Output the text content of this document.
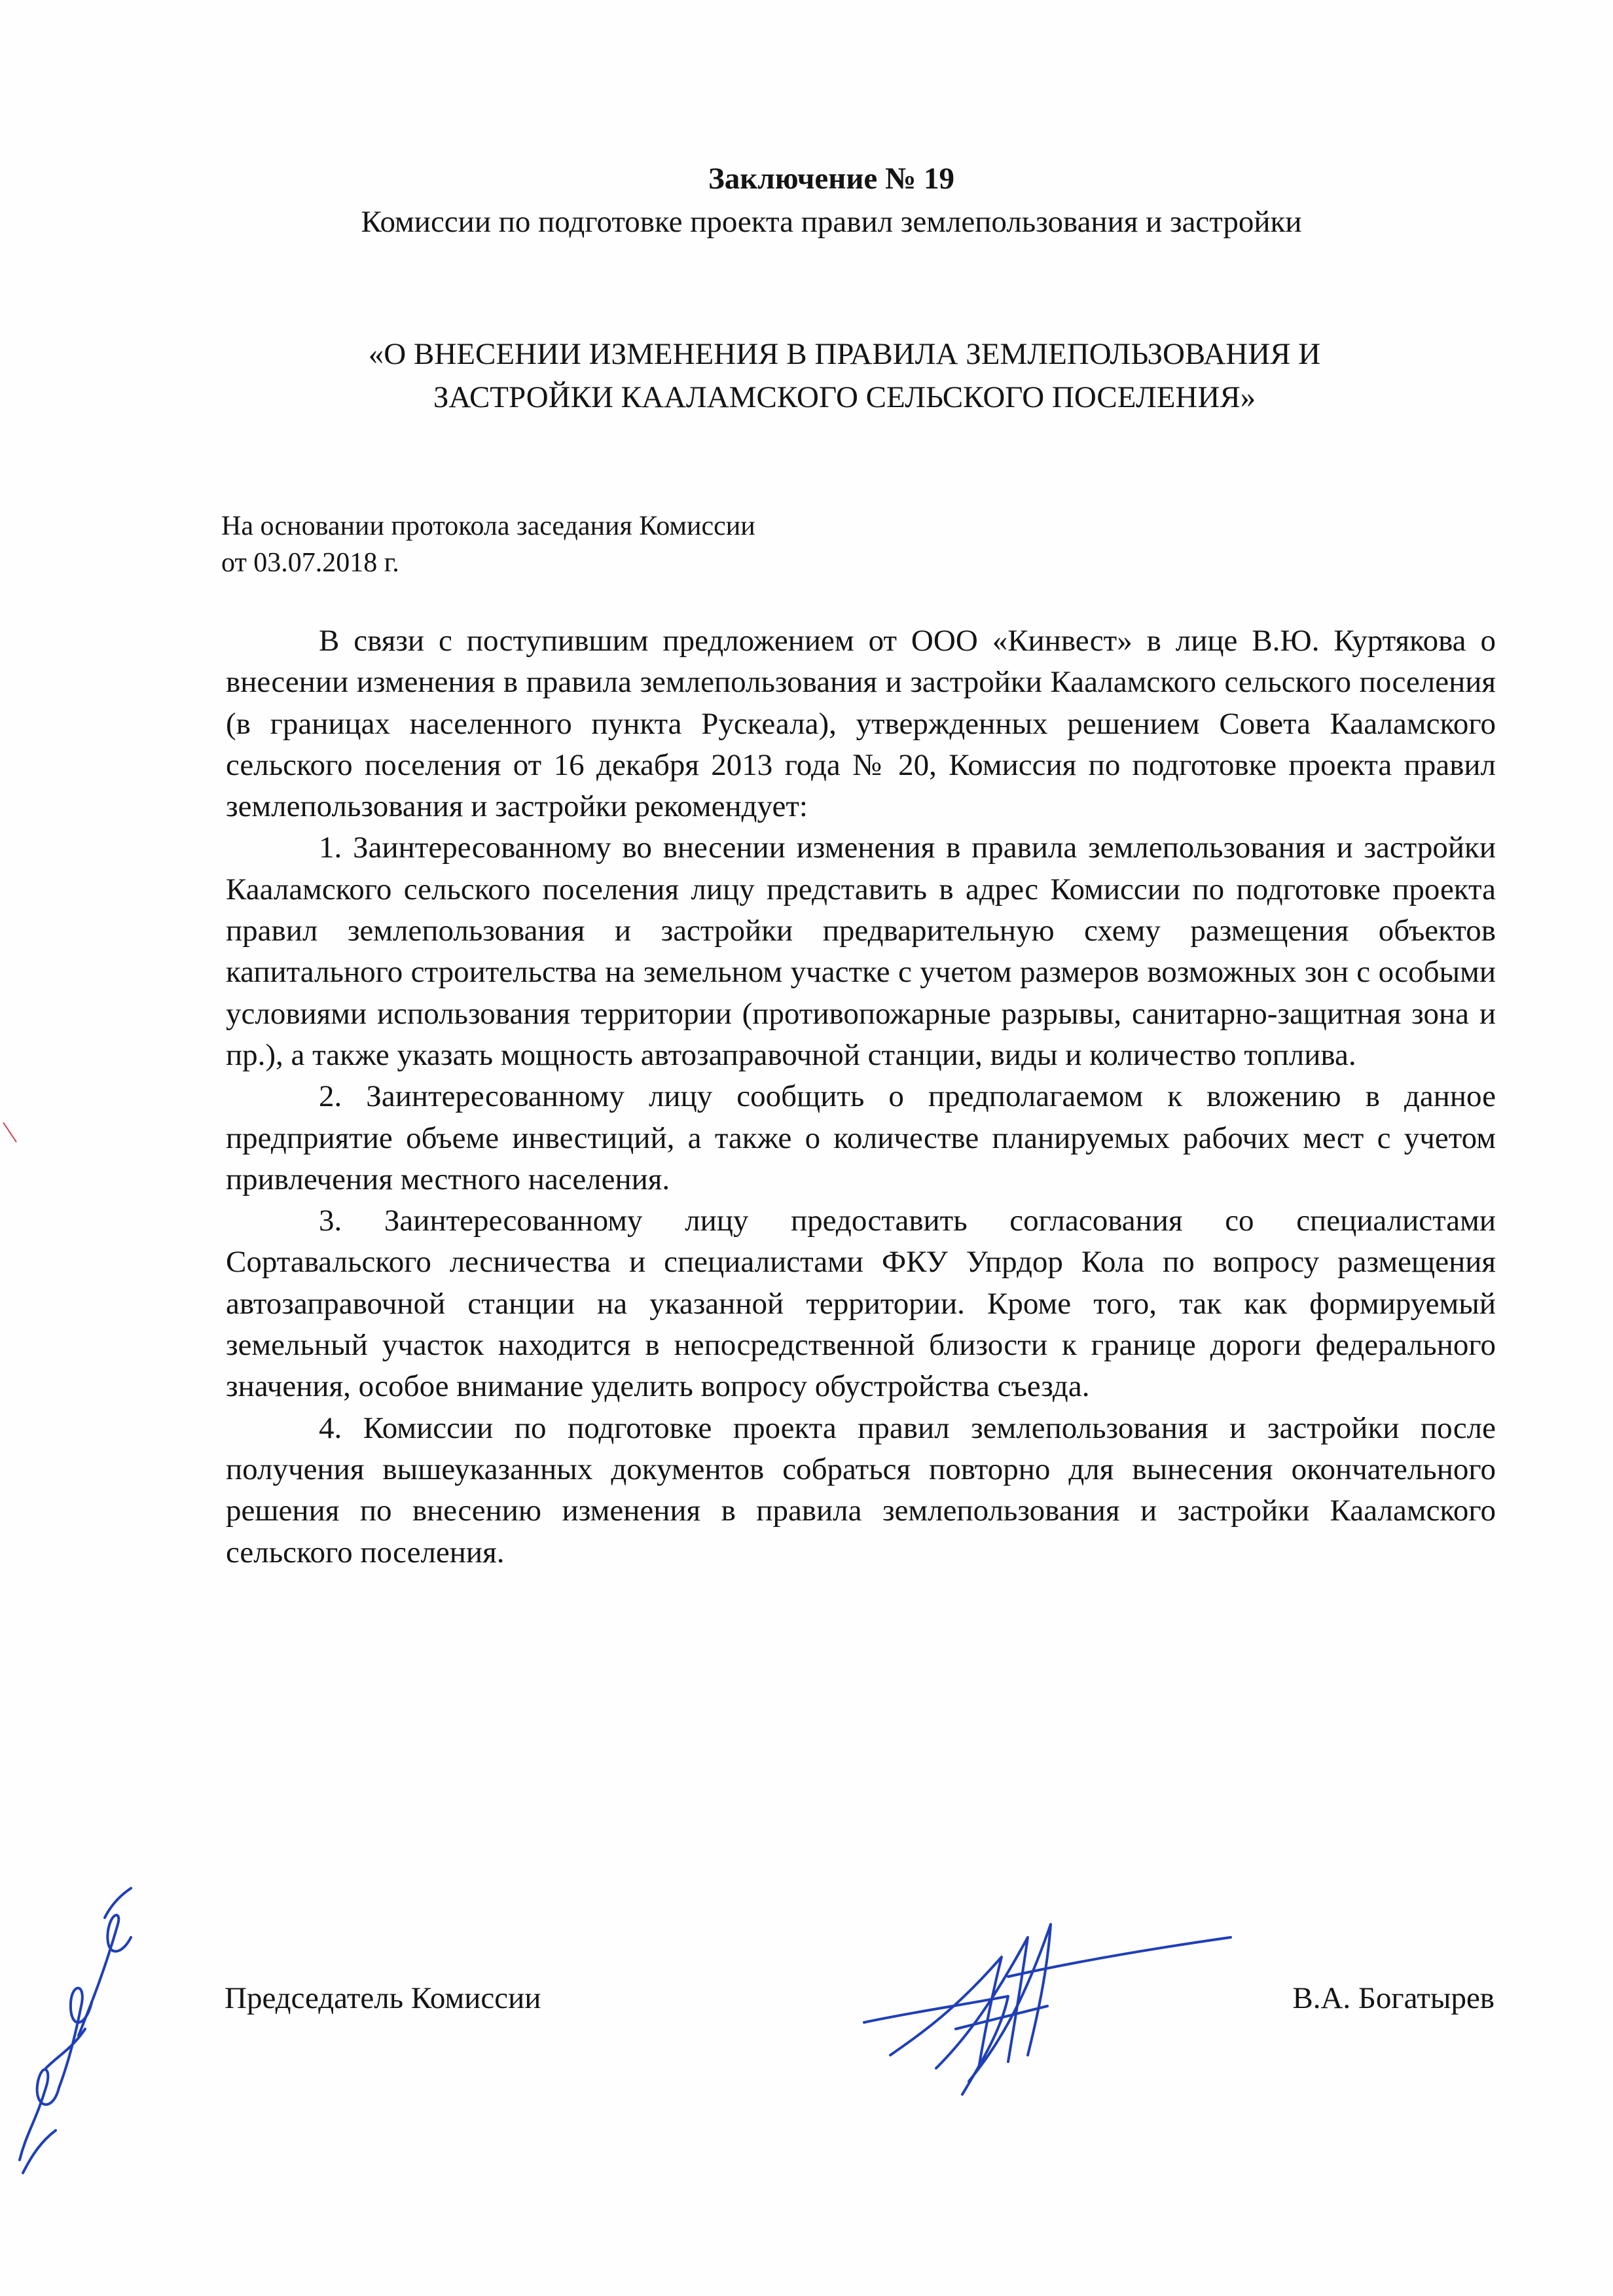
Заключение № 19
Комиссии по подготовке проекта правил землепользования и застройки
«О ВНЕСЕНИИ ИЗМЕНЕНИЯ В ПРАВИЛА ЗЕМЛЕПОЛЬЗОВАНИЯ И
ЗАСТРОЙКИ КААЛАМСКОГО СЕЛЬСКОГО ПОСЕЛЕНИЯ»
На основании протокола заседания Комиссии
от 03.07.2018 г.

В связи с поступившим предложением от ООО «Кинвест» в лице В.Ю. Куртякова о внесении изменения в правила землепользования и застройки Кааламского сельского поселения (в границах населенного пункта Рускеала), утвержденных решением Совета Кааламского сельского поселения от 16 декабря 2013 года № 20, Комиссия по подготовке проекта правил землепользования и застройки рекомендует:

1. Заинтересованному во внесении изменения в правила землепользования и застройки Кааламского сельского поселения лицу представить в адрес Комиссии по подготовке проекта правил землепользования и застройки предварительную схему размещения объектов капитального строительства на земельном участке с учетом размеров возможных зон с особыми условиями использования территории (противопожарные разрывы, санитарно-защитная зона и пр.), а также указать мощность автозаправочной станции, виды и количество топлива.

2. Заинтересованному лицу сообщить о предполагаемом к вложению в данное предприятие объеме инвестиций, а также о количестве планируемых рабочих мест с учетом привлечения местного населения.

3. Заинтересованному лицу предоставить согласования со специалистами Сортавальского лесничества и специалистами ФКУ Упрдор Кола по вопросу размещения автозаправочной станции на указанной территории. Кроме того, так как формируемый земельный участок находится в непосредственной близости к границе дороги федерального значения, особое внимание уделить вопросу обустройства съезда.

4. Комиссии по подготовке проекта правил землепользования и застройки после получения вышеуказанных документов собраться повторно для вынесения окончательного решения по внесению изменения в правила землепользования и застройки Кааламского сельского поселения.

Председатель Комиссии	В.А. Богатырев
